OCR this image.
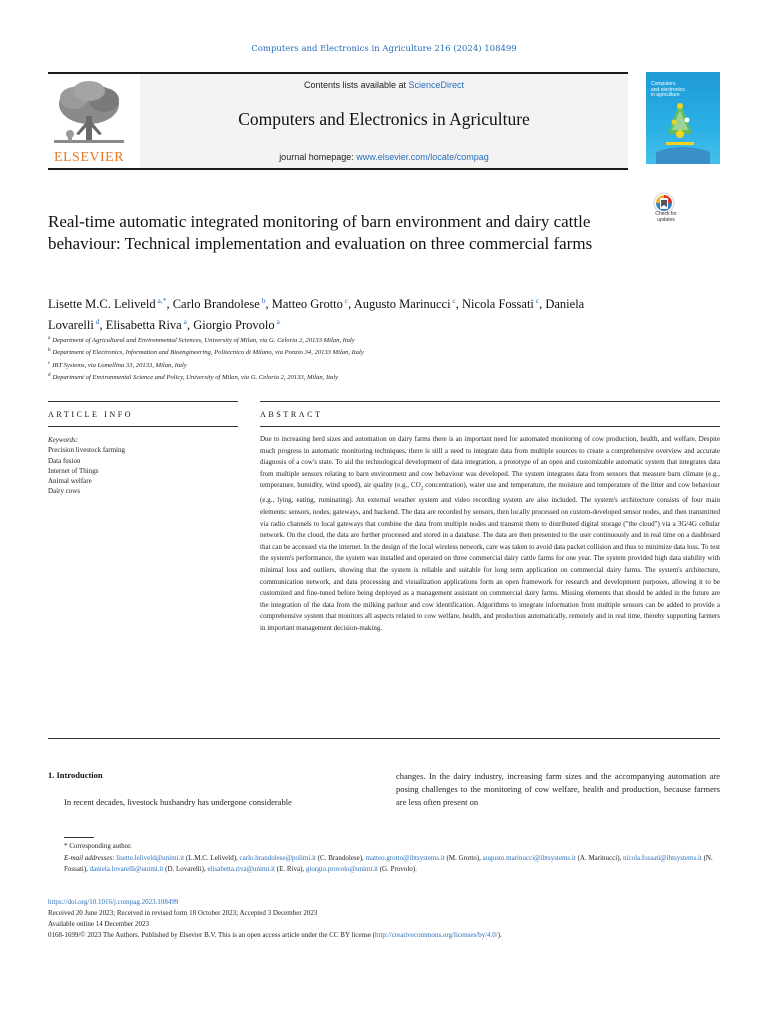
Computers and Electronics in Agriculture 216 (2024) 108499
ELSEVIER
Contents lists available at ScienceDirect
Computers and Electronics in Agriculture
journal homepage: www.elsevier.com/locate/compag
Computers
and electronics
in agriculture
Real-time automatic integrated monitoring of barn environment and dairy cattle behaviour: Technical implementation and evaluation on three commercial farms
Check for
updates
Lisette M.C. Leliveld $^{a,*}$, Carlo Brandolese $^b$, Matteo Grotto $^c$, Augusto Marinucci $^c$, Nicola Fossati $^c$, Daniela Lovarelli $^d$, Elisabetta Riva $^a$, Giorgio Provolo $^a$
$^a$ Department of Agricultural and Environmental Sciences, University of Milan, via G. Celoria 2, 20133 Milan, Italy
$^b$ Department of Electronics, Information and Bioengineering, Politecnico di Milano, via Ponzio 34, 20133 Milan, Italy
$^c$ IBT Systems, via Lomellina 33, 20133, Milan, Italy
$^d$ Department of Environmental Science and Policy, University of Milan, via G. Celoria 2, 20133, Milan, Italy
ARTICLE INFO	ABSTRACT
Keywords:
Precision livestock farming
Data fusion
Internet of Things
Animal welfare
Dairy cows

Due to increasing herd sizes and automation on dairy farms there is an important need for automated monitoring of cow production, health, and welfare. Despite much progress in automatic monitoring techniques, there is still a need to integrate data from multiple sources to create a comprehensive overview and accurate diagnosis of a cow's state. To aid the technological development of data integration, a prototype of an open and customizable automatic system that integrates data from multiple sensors relating to barn environment and cow behaviour was developed. The system integrates data from sensors that measure barn climate (e.g., temperature, humidity, wind speed), air quality (e.g., $CO_2$ concentration), water use and temperature, the moisture and temperature of the litter and cow behaviour (e.g., lying, eating, ruminating). An external weather system and video recording system are also included. The system's architecture consists of four main elements: sensors, nodes, gateways, and backend. The data are recorded by sensors, then locally processed on custom-developed sensor nodes, and then transmitted via radio channels to local gateways that combine the data from multiple nodes and transmit them to distributed digital storage ("the cloud") via a 3G/4G cellular network. On the cloud, the data are further processed and stored in a database. The data are then presented to the user continuously and in real time on a dashboard that can be accessed via the internet. In the design of the local wireless network, care was taken to avoid data packet collision and thus to minimize data loss. To test the system's performance, the system was installed and operated on three commercial dairy cattle farms for one year. The system provided high data stability with minimal loss and outliers, showing that the system is reliable and suitable for long term application on commercial dairy farms. The system's architecture, communication network, and data processing and visualization applications form an open framework for research and development purposes, allowing it to be customized and fine-tuned before being deployed as a management assistant on commercial dairy farms. Missing elements that should be added in the future are the integration of the data from the milking parlour and cow identification. Algorithms to integrate information from multiple sensors can be added to provide a comprehensive system that monitors all aspects related to cow welfare, health, and production automatically, remotely and in real time, thereby supporting farmers in important management decision-making.

1. Introduction
In recent decades, livestock husbandry has undergone considerable
changes. In the dairy industry, increasing farm sizes and the accompanying automation are posing challenges to the monitoring of cow welfare, health and production, because farmers are less often present on
* Corresponding author.
E-mail addresses: lisette.leliveld@unimi.it (L.M.C. Leliveld), carlo.brandolese@polimi.it (C. Brandolese), matteo.grotto@ibtsystems.it (M. Grotto), augusto.marinucci@ibtsystems.it (A. Marinucci), nicola.fossati@ibtsystems.it (N. Fossati), daniela.lovarelli@unimi.it (D. Lovarelli), elisabetta.riva@unimi.it (E. Riva), giorgio.provolo@unimi.it (G. Provolo).
https://doi.org/10.1016/j.compag.2023.108499
Received 20 June 2023; Received in revised form 18 October 2023; Accepted 3 December 2023
Available online 14 December 2023
0168-1699/© 2023 The Authors. Published by Elsevier B.V. This is an open access article under the CC BY license (http://creativecommons.org/licenses/by/4.0/).
